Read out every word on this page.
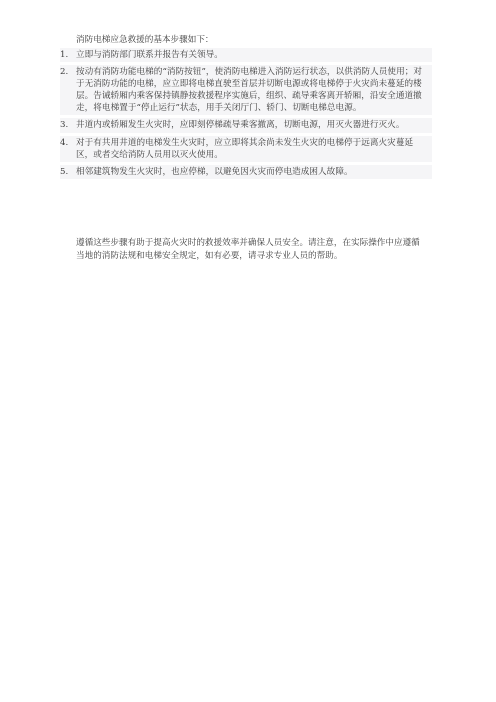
消防电梯应急救援的基本步骤如下：
1. 立即与消防部门联系并报告有关领导。
2. 按动有消防功能电梯的“消防按钮”，使消防电梯进入消防运行状态，以供消防人员使用；对于无消防功能的电梯，应立即将电梯直驶至首层并切断电源或将电梯停于火灾尚未蔓延的楼层。告诫轿厢内乘客保持镇静按救援程序实施后，组织、疏导乘客离开轿厢，沿安全通道撤走，将电梯置于“停止运行”状态，用手关闭厅门、轿门、切断电梯总电源。
3. 井道内或轿厢发生火灾时，应即刻停梯疏导乘客撤离，切断电源，用灭火器进行灭火。
4. 对于有共用井道的电梯发生火灾时，应立即将其余尚未发生火灾的电梯停于远离火灾蔓延区，或者交给消防人员用以灭火使用。
5. 相邻建筑物发生火灾时，也应停梯，以避免因火灾而停电造成困人故障。
遵循这些步骤有助于提高火灾时的救援效率并确保人员安全。请注意，在实际操作中应遵循当地的消防法规和电梯安全规定，如有必要，请寻求专业人员的帮助。
